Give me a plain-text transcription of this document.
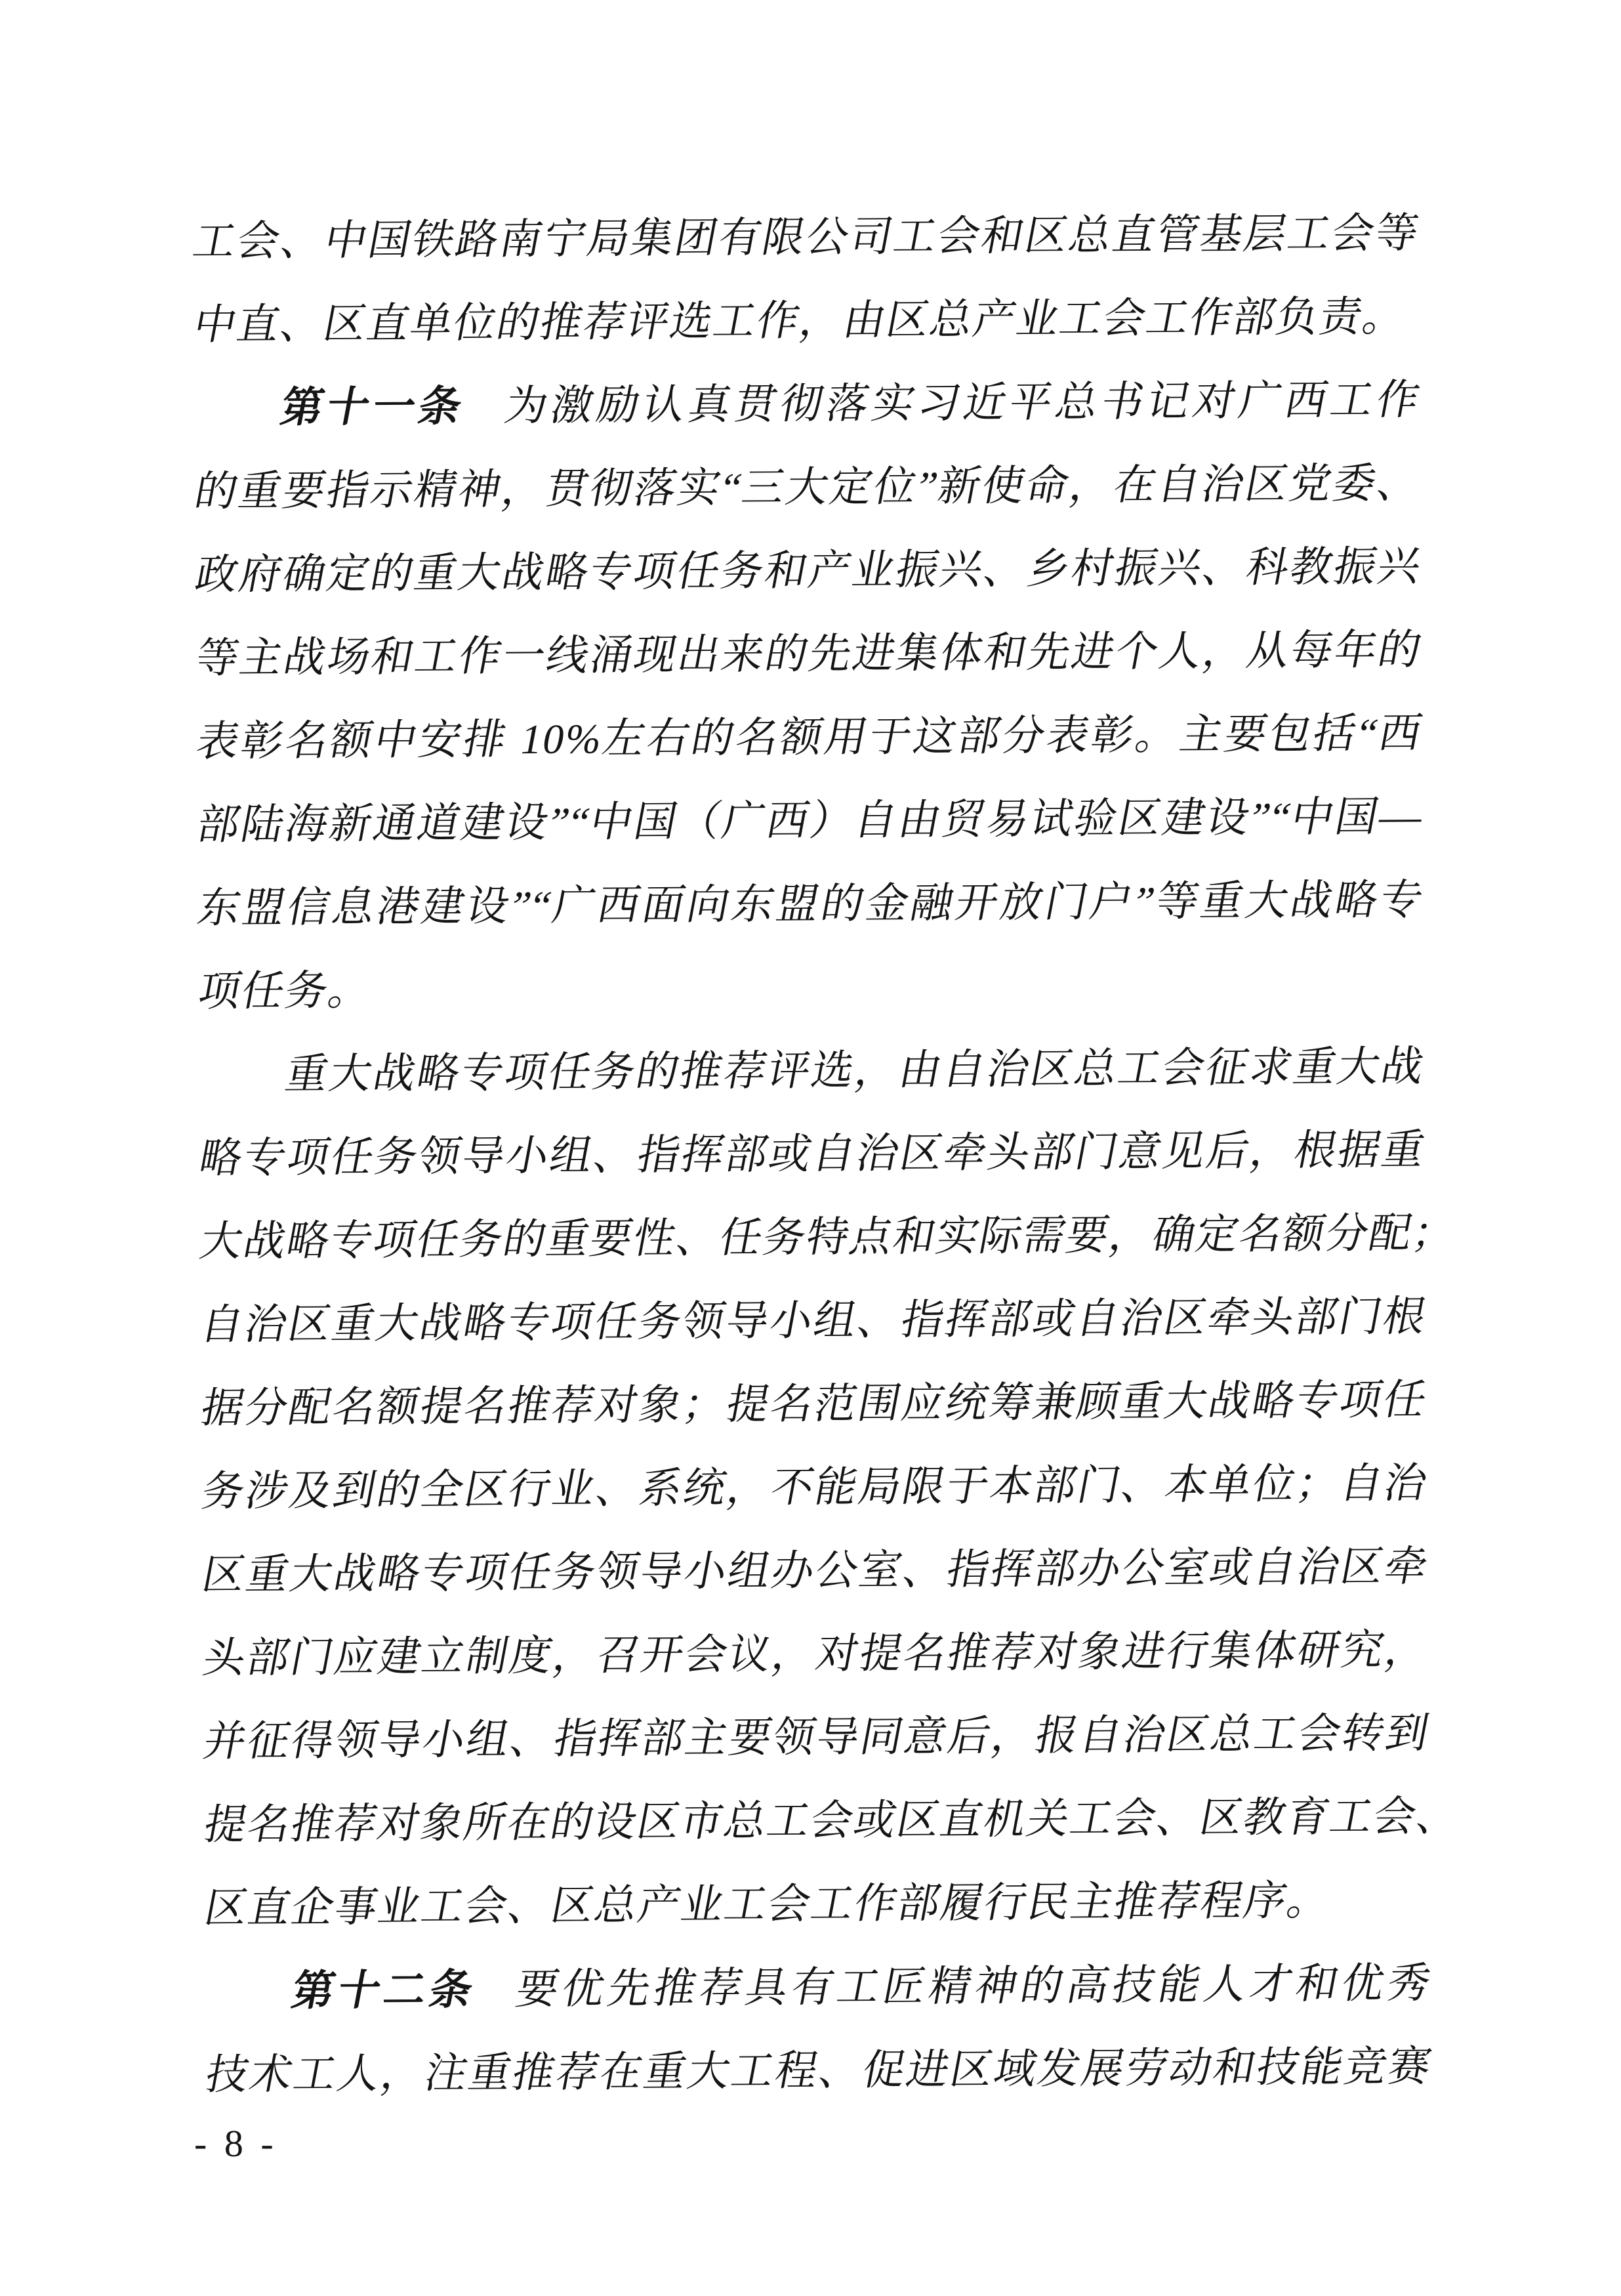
工会、中国铁路南宁局集团有限公司工会和区总直管基层工会等
中直、区直单位的推荐评选工作，由区总产业工会工作部负责。
第十一条 为激励认真贯彻落实习近平总书记对广西工作
的重要指示精神，贯彻落实“三大定位”新使命，在自治区党委、
政府确定的重大战略专项任务和产业振兴、乡村振兴、科教振兴
等主战场和工作一线涌现出来的先进集体和先进个人，从每年的
表彰名额中安排 10%左右的名额用于这部分表彰。主要包括“西
部陆海新通道建设”“中国（广西）自由贸易试验区建设”“中国—
东盟信息港建设”“广西面向东盟的金融开放门户”等重大战略专
项任务。
重大战略专项任务的推荐评选，由自治区总工会征求重大战
略专项任务领导小组、指挥部或自治区牵头部门意见后，根据重
大战略专项任务的重要性、任务特点和实际需要，确定名额分配；
自治区重大战略专项任务领导小组、指挥部或自治区牵头部门根
据分配名额提名推荐对象；提名范围应统筹兼顾重大战略专项任
务涉及到的全区行业、系统，不能局限于本部门、本单位；自治
区重大战略专项任务领导小组办公室、指挥部办公室或自治区牵
头部门应建立制度，召开会议，对提名推荐对象进行集体研究，
并征得领导小组、指挥部主要领导同意后，报自治区总工会转到
提名推荐对象所在的设区市总工会或区直机关工会、区教育工会、
区直企事业工会、区总产业工会工作部履行民主推荐程序。
第十二条 要优先推荐具有工匠精神的高技能人才和优秀
技术工人，注重推荐在重大工程、促进区域发展劳动和技能竞赛
- 8 -
